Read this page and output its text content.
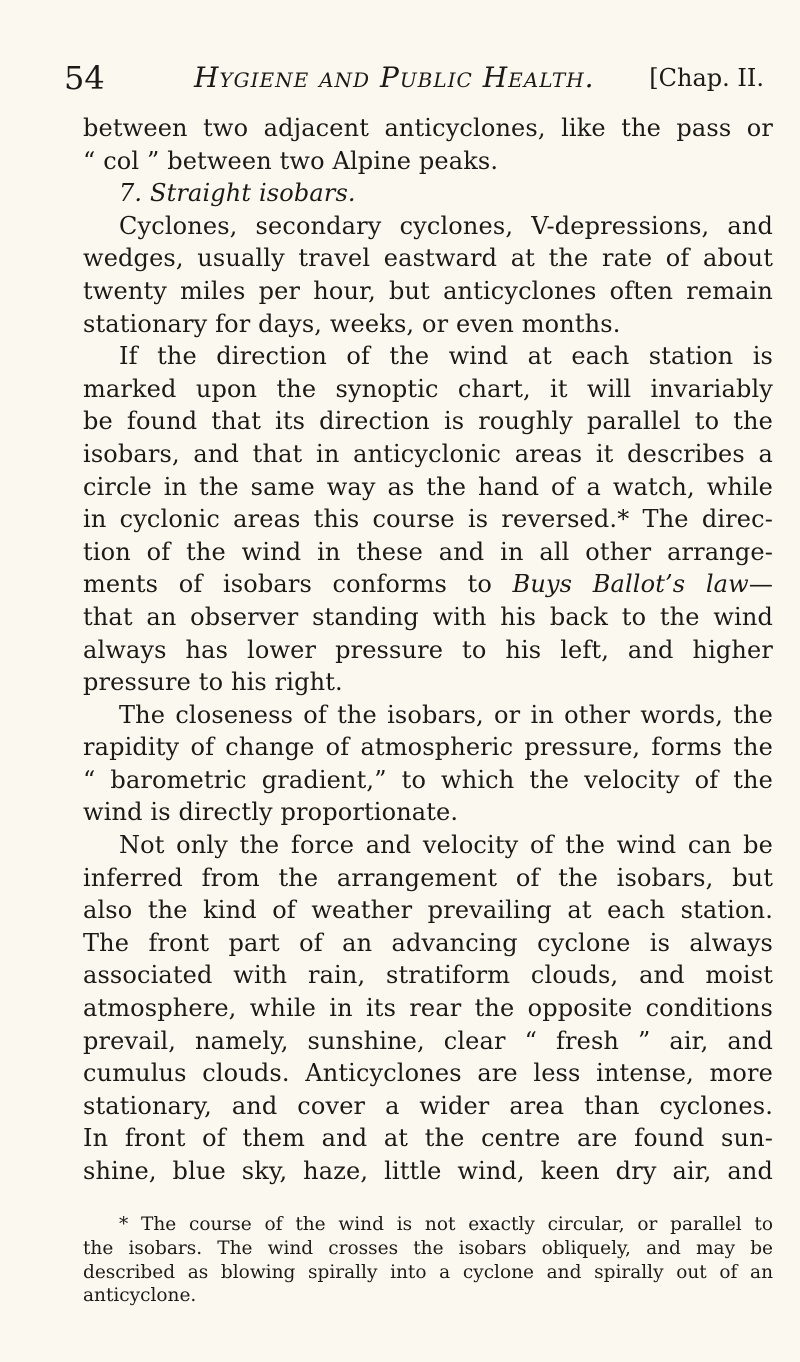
54	Hygiene and Public Health. [Chap. II.
between two adjacent anticyclones, like the pass or
“ col ” between two Alpine peaks.
7. Straight isobars.
Cyclones, secondary cyclones, V-depressions, and
wedges, usually travel eastward at the rate of about
twenty miles per hour, but anticyclones often remain
stationary for days, weeks, or even months.
If the direction of the wind at each station is
marked upon the synoptic chart, it will invariably
be found that its direction is roughly parallel to the
isobars, and that in anticyclonic areas it describes a
circle in the same way as the hand of a watch, while
in cyclonic areas this course is reversed.* The direc-
tion of the wind in these and in all other arrange-
ments of isobars conforms to Buys Ballot’s law—
that an observer standing with his back to the wind
always has lower pressure to his left, and higher
pressure to his right.
The closeness of the isobars, or in other words, the
rapidity of change of atmospheric pressure, forms the
“ barometric gradient,” to which the velocity of the
wind is directly proportionate.
Not only the force and velocity of the wind can be
inferred from the arrangement of the isobars, but
also the kind of weather prevailing at each station.
The front part of an advancing cyclone is always
associated with rain, stratiform clouds, and moist
atmosphere, while in its rear the opposite conditions
prevail, namely, sunshine, clear “ fresh ” air, and
cumulus clouds. Anticyclones are less intense, more
stationary, and cover a wider area than cyclones.
In front of them and at the centre are found sun-
shine, blue sky, haze, little wind, keen dry air, and
* The course of the wind is not exactly circular, or parallel to
the isobars. The wind crosses the isobars obliquely, and may be
described as blowing spirally into a cyclone and spirally out of an
anticyclone.
